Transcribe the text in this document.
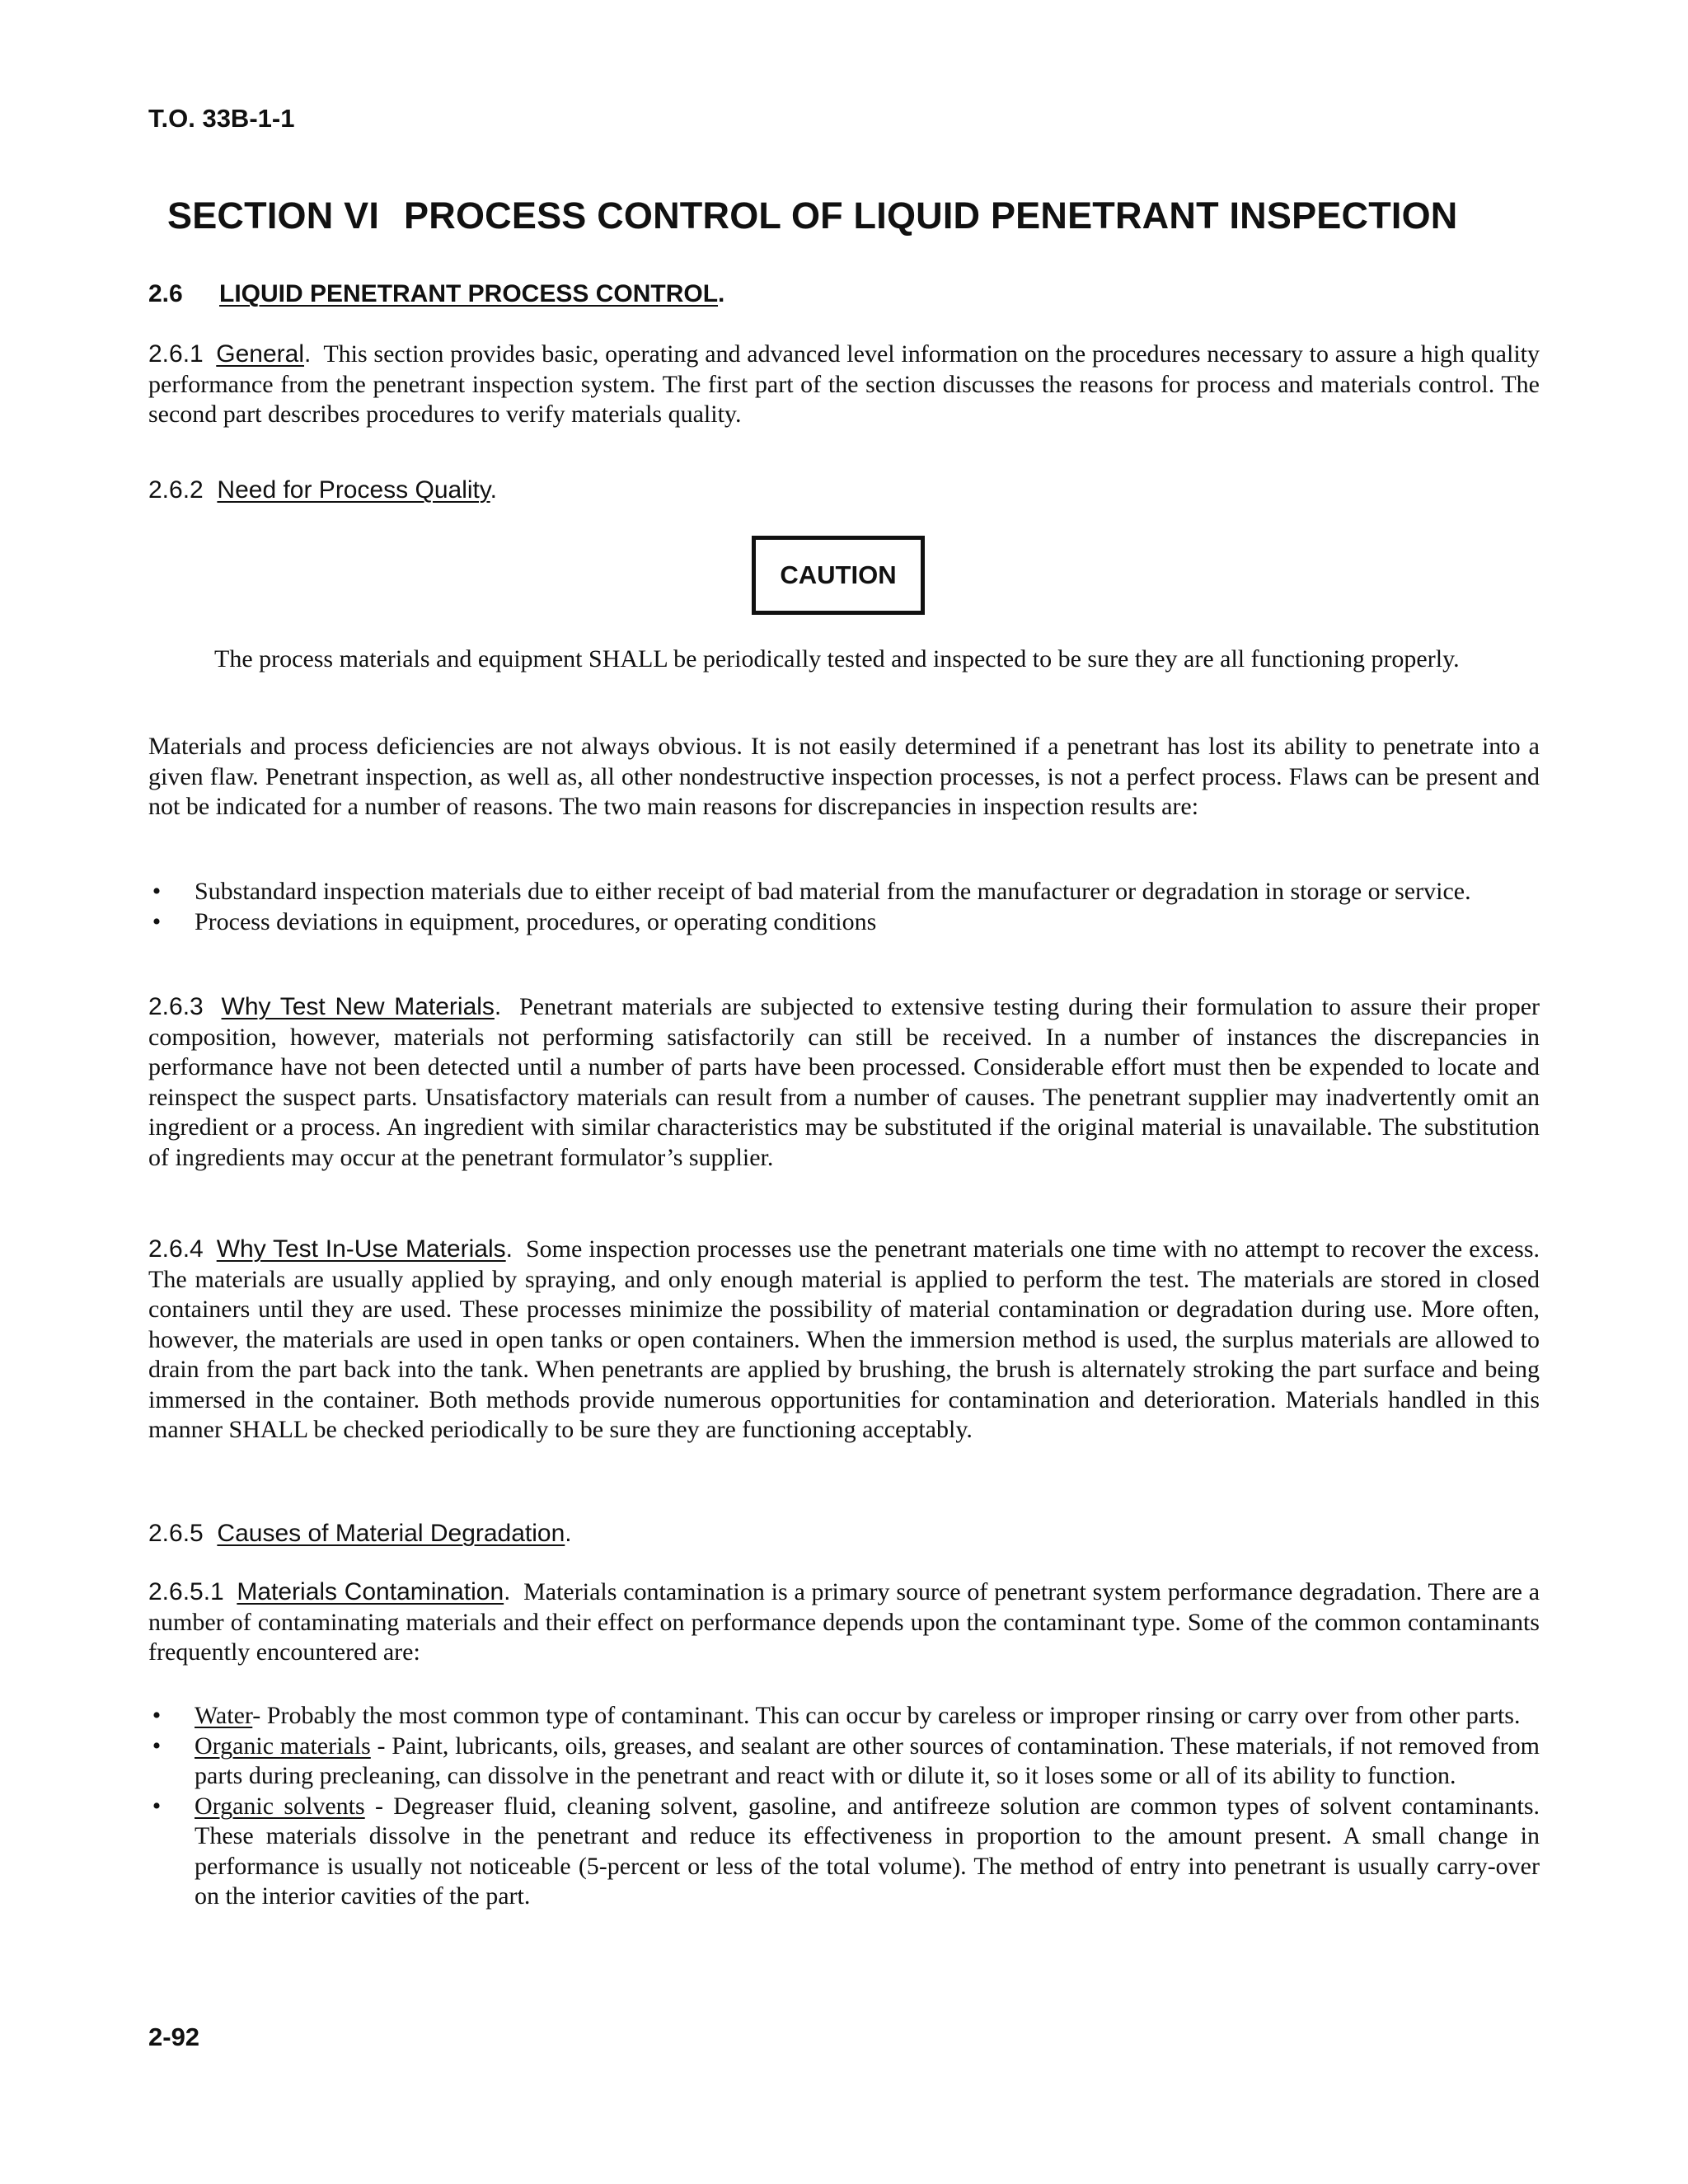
T.O. 33B-1-1
SECTION VI PROCESS CONTROL OF LIQUID PENETRANT INSPECTION
2.6 LIQUID PENETRANT PROCESS CONTROL.
2.6.1 General. This section provides basic, operating and advanced level information on the procedures necessary to assure a high quality performance from the penetrant inspection system. The first part of the section discusses the reasons for process and materials control. The second part describes procedures to verify materials quality.
2.6.2 Need for Process Quality.
CAUTION
The process materials and equipment SHALL be periodically tested and inspected to be sure they are all functioning properly.
Materials and process deficiencies are not always obvious. It is not easily determined if a penetrant has lost its ability to penetrate into a given flaw. Penetrant inspection, as well as, all other nondestructive inspection processes, is not a perfect process. Flaws can be present and not be indicated for a number of reasons. The two main reasons for discrepancies in inspection results are:
• Substandard inspection materials due to either receipt of bad material from the manufacturer or degradation in storage or service.
• Process deviations in equipment, procedures, or operating conditions
2.6.3 Why Test New Materials. Penetrant materials are subjected to extensive testing during their formulation to assure their proper composition, however, materials not performing satisfactorily can still be received. In a number of instances the discrepancies in performance have not been detected until a number of parts have been processed. Considerable effort must then be expended to locate and reinspect the suspect parts. Unsatisfactory materials can result from a number of causes. The penetrant supplier may inadvertently omit an ingredient or a process. An ingredient with similar characteristics may be substituted if the original material is unavailable. The substitution of ingredients may occur at the penetrant formulator’s supplier.
2.6.4 Why Test In-Use Materials. Some inspection processes use the penetrant materials one time with no attempt to recover the excess. The materials are usually applied by spraying, and only enough material is applied to perform the test. The materials are stored in closed containers until they are used. These processes minimize the possibility of material contamination or degradation during use. More often, however, the materials are used in open tanks or open containers. When the immersion method is used, the surplus materials are allowed to drain from the part back into the tank. When penetrants are applied by brushing, the brush is alternately stroking the part surface and being immersed in the container. Both methods provide numerous opportunities for contamination and deterioration. Materials handled in this manner SHALL be checked periodically to be sure they are functioning acceptably.
2.6.5 Causes of Material Degradation.
2.6.5.1 Materials Contamination. Materials contamination is a primary source of penetrant system performance degradation. There are a number of contaminating materials and their effect on performance depends upon the contaminant type. Some of the common contaminants frequently encountered are:
• Water- Probably the most common type of contaminant. This can occur by careless or improper rinsing or carry over from other parts.
• Organic materials - Paint, lubricants, oils, greases, and sealant are other sources of contamination. These materials, if not removed from parts during precleaning, can dissolve in the penetrant and react with or dilute it, so it loses some or all of its ability to function.
• Organic solvents - Degreaser fluid, cleaning solvent, gasoline, and antifreeze solution are common types of solvent contaminants. These materials dissolve in the penetrant and reduce its effectiveness in proportion to the amount present. A small change in performance is usually not noticeable (5-percent or less of the total volume). The method of entry into penetrant is usually carry-over on the interior cavities of the part.
2-92
